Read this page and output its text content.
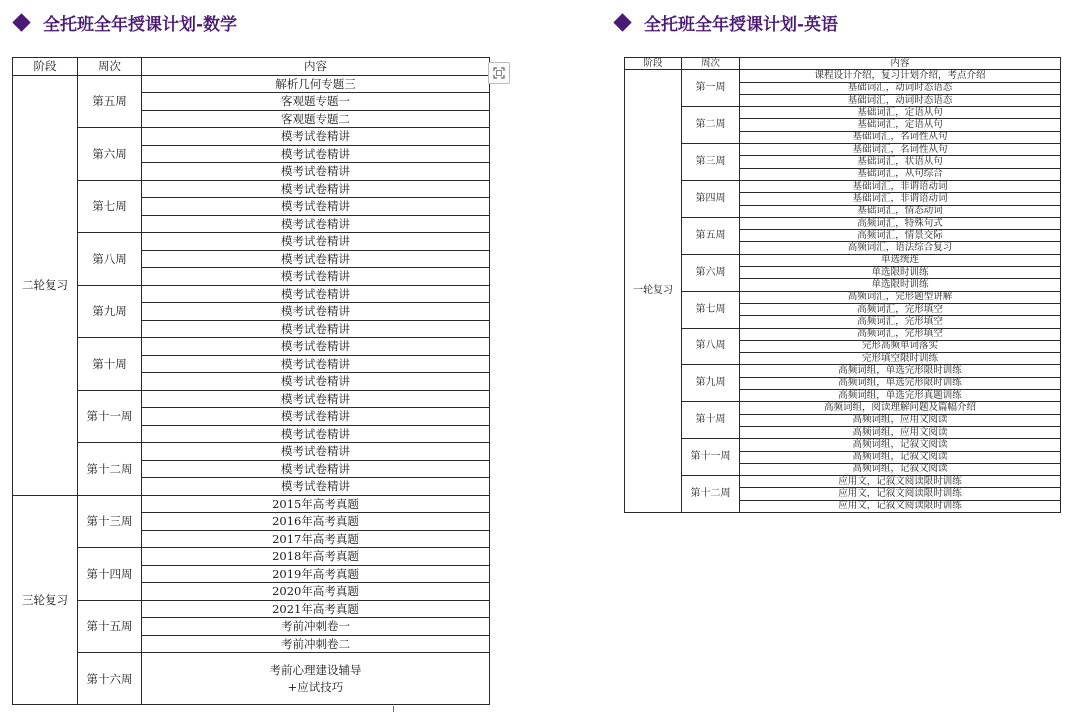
全托班全年授课计划-数学
阶段	周次	内容
二轮复习	第五周	解析几何专题三
		客观题专题一
		客观题专题二
	第六周	模考试卷精讲
		模考试卷精讲
		模考试卷精讲
	第七周	模考试卷精讲
		模考试卷精讲
		模考试卷精讲
	第八周	模考试卷精讲
		模考试卷精讲
		模考试卷精讲
	第九周	模考试卷精讲
		模考试卷精讲
		模考试卷精讲
	第十周	模考试卷精讲
		模考试卷精讲
		模考试卷精讲
	第十一周	模考试卷精讲
		模考试卷精讲
		模考试卷精讲
	第十二周	模考试卷精讲
		模考试卷精讲
		模考试卷精讲
三轮复习	第十三周	2015年高考真题
		2016年高考真题
		2017年高考真题
	第十四周	2018年高考真题
		2019年高考真题
		2020年高考真题
	第十五周	2021年高考真题
		考前冲刺卷一
		考前冲刺卷二
	第十六周	考前心理建设辅导
+应试技巧
全托班全年授课计划-英语
阶段	周次	内容
一轮复习	第一周	课程设计介绍，复习计划介绍，考点介绍
		基础词汇，动词时态语态
		基础词汇，动词时态语态
	第二周	基础词汇，定语从句
		基础词汇，定语从句
		基础词汇，名词性从句
	第三周	基础词汇，名词性从句
		基础词汇，状语从句
		基础词汇，从句综合
	第四周	基础词汇，非谓语动词
		基础词汇，非谓语动词
		基础词汇，情态动词
	第五周	高频词汇，特殊句式
		高频词汇，情景交际
		高频词汇，语法综合复习
	第六周	单选统连
		单选限时训练
		单选限时训练
	第七周	高频词汇，完形题型讲解
		高频词汇，完形填空
		高频词汇，完形填空
	第八周	高频词汇，完形填空
		完形高频单词落实
		完形填空限时训练
	第九周	高频词组，单选完形限时训练
		高频词组，单选完形限时训练
		高频词组，单选完形真题训练
	第十周	高频词组，阅读理解问题及篇幅介绍
		高频词组，应用文阅读
		高频词组，应用文阅读
	第十一周	高频词组，记叙文阅读
		高频词组，记叙文阅读
		高频词组，记叙文阅读
	第十二周	应用文，记叙文阅读限时训练
		应用文，记叙文阅读限时训练
		应用文，记叙文阅读限时训练
